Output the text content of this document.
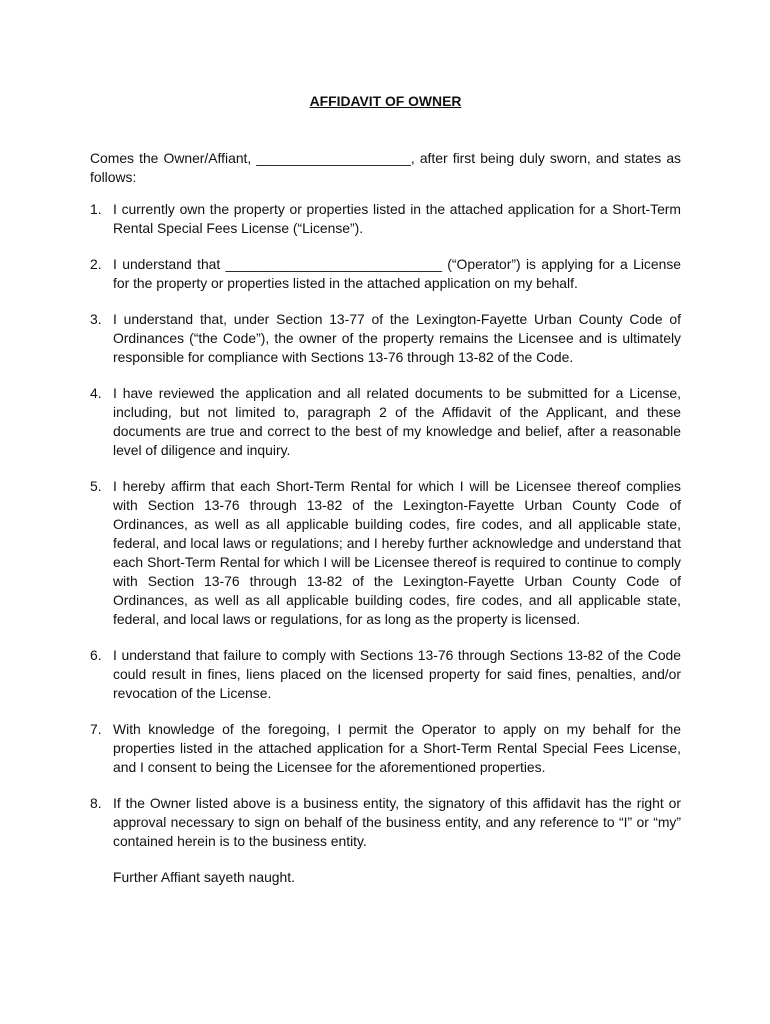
AFFIDAVIT OF OWNER
Comes the Owner/Affiant, ____________________, after first being duly sworn, and states as follows:
1. I currently own the property or properties listed in the attached application for a Short-Term Rental Special Fees License (“License”).
2. I understand that ____________________________ (“Operator”) is applying for a License for the property or properties listed in the attached application on my behalf.
3. I understand that, under Section 13-77 of the Lexington-Fayette Urban County Code of Ordinances (“the Code”), the owner of the property remains the Licensee and is ultimately responsible for compliance with Sections 13-76 through 13-82 of the Code.
4. I have reviewed the application and all related documents to be submitted for a License, including, but not limited to, paragraph 2 of the Affidavit of the Applicant, and these documents are true and correct to the best of my knowledge and belief, after a reasonable level of diligence and inquiry.
5. I hereby affirm that each Short-Term Rental for which I will be Licensee thereof complies with Section 13-76 through 13-82 of the Lexington-Fayette Urban County Code of Ordinances, as well as all applicable building codes, fire codes, and all applicable state, federal, and local laws or regulations; and I hereby further acknowledge and understand that each Short-Term Rental for which I will be Licensee thereof is required to continue to comply with Section 13-76 through 13-82 of the Lexington-Fayette Urban County Code of Ordinances, as well as all applicable building codes, fire codes, and all applicable state, federal, and local laws or regulations, for as long as the property is licensed.
6. I understand that failure to comply with Sections 13-76 through Sections 13-82 of the Code could result in fines, liens placed on the licensed property for said fines, penalties, and/or revocation of the License.
7. With knowledge of the foregoing, I permit the Operator to apply on my behalf for the properties listed in the attached application for a Short-Term Rental Special Fees License, and I consent to being the Licensee for the aforementioned properties.
8. If the Owner listed above is a business entity, the signatory of this affidavit has the right or approval necessary to sign on behalf of the business entity, and any reference to “I” or “my” contained herein is to the business entity.
Further Affiant sayeth naught.
